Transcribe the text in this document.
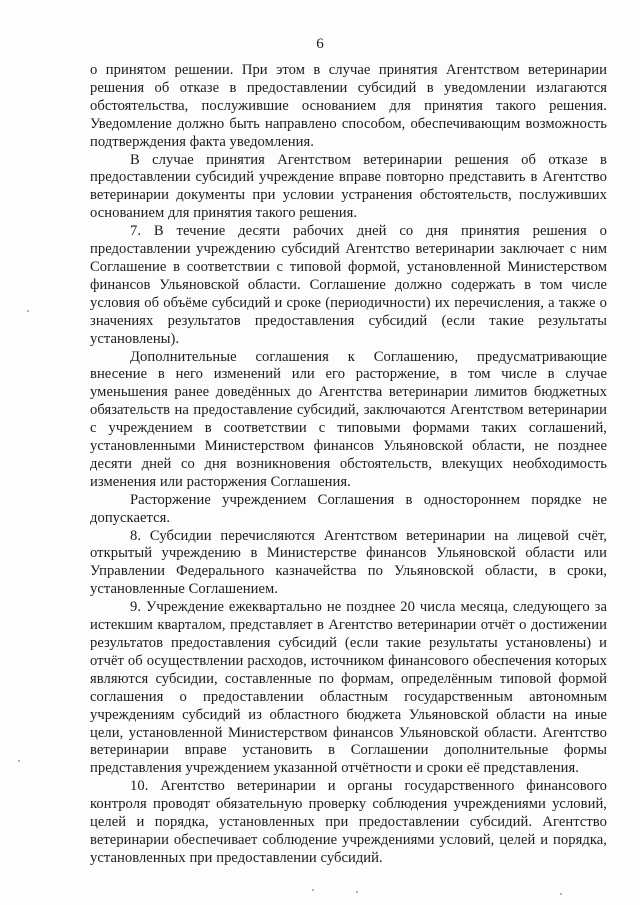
6

о принятом решении. При этом в случае принятия Агентством ветеринарии решения об отказе в предоставлении субсидий в уведомлении излагаются обстоятельства, послужившие основанием для принятия такого решения. Уведомление должно быть направлено способом, обеспечивающим возможность подтверждения факта уведомления.

В случае принятия Агентством ветеринарии решения об отказе в предоставлении субсидий учреждение вправе повторно представить в Агентство ветеринарии документы при условии устранения обстоятельств, послуживших основанием для принятия такого решения.

7. В течение десяти рабочих дней со дня принятия решения о предоставлении учреждению субсидий Агентство ветеринарии заключает с ним Соглашение в соответствии с типовой формой, установленной Министерством финансов Ульяновской области. Соглашение должно содержать в том числе условия об объёме субсидий и сроке (периодичности) их перечисления, а также о значениях результатов предоставления субсидий (если такие результаты установлены).

Дополнительные соглашения к Соглашению, предусматривающие внесение в него изменений или его расторжение, в том числе в случае уменьшения ранее доведённых до Агентства ветеринарии лимитов бюджетных обязательств на предоставление субсидий, заключаются Агентством ветеринарии с учреждением в соответствии с типовыми формами таких соглашений, установленными Министерством финансов Ульяновской области, не позднее десяти дней со дня возникновения обстоятельств, влекущих необходимость изменения или расторжения Соглашения.

Расторжение учреждением Соглашения в одностороннем порядке не допускается.

8. Субсидии перечисляются Агентством ветеринарии на лицевой счёт, открытый учреждению в Министерстве финансов Ульяновской области или Управлении Федерального казначейства по Ульяновской области, в сроки, установленные Соглашением.

9. Учреждение ежеквартально не позднее 20 числа месяца, следующего за истекшим кварталом, представляет в Агентство ветеринарии отчёт о достижении результатов предоставления субсидий (если такие результаты установлены) и отчёт об осуществлении расходов, источником финансового обеспечения которых являются субсидии, составленные по формам, определённым типовой формой соглашения о предоставлении областным государственным автономным учреждениям субсидий из областного бюджета Ульяновской области на иные цели, установленной Министерством финансов Ульяновской области. Агентство ветеринарии вправе установить в Соглашении дополнительные формы представления учреждением указанной отчётности и сроки её представления.

10. Агентство ветеринарии и органы государственного финансового контроля проводят обязательную проверку соблюдения учреждениями условий, целей и порядка, установленных при предоставлении субсидий. Агентство ветеринарии обеспечивает соблюдение учреждениями условий, целей и порядка, установленных при предоставлении субсидий.
